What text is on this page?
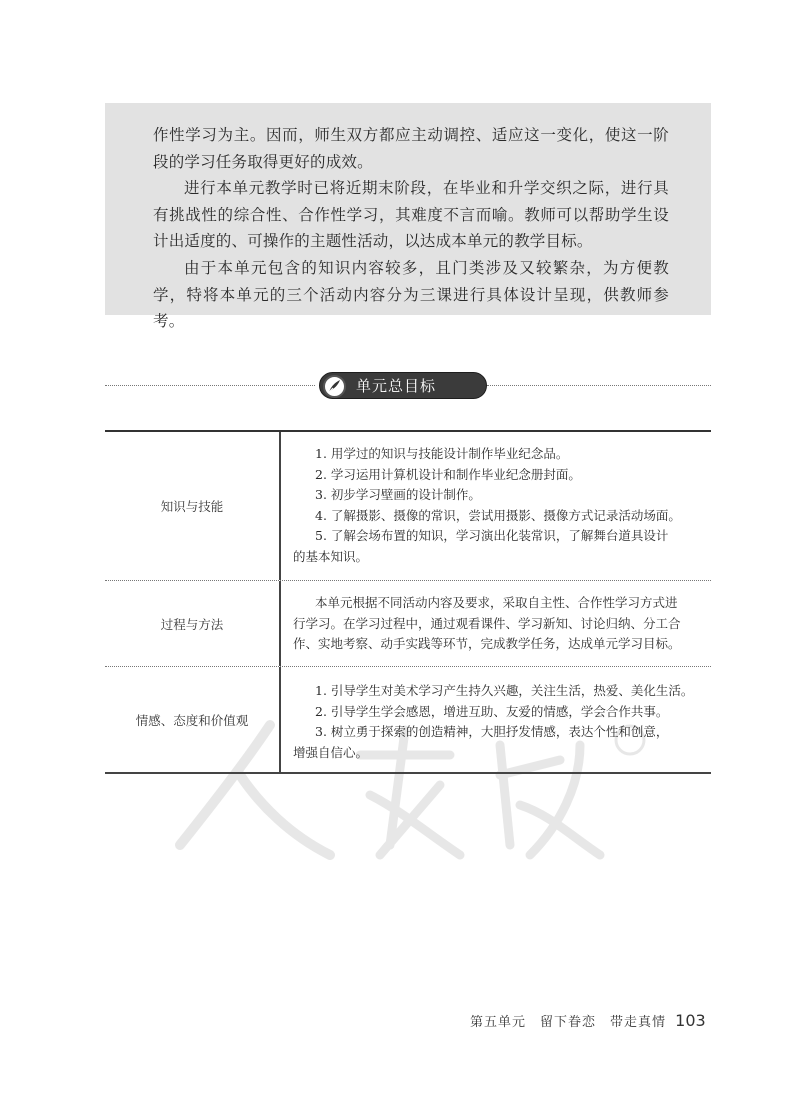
作性学习为主。因而，师生双方都应主动调控、适应这一变化，使这一阶段的学习任务取得更好的成效。

进行本单元教学时已将近期末阶段，在毕业和升学交织之际，进行具有挑战性的综合性、合作性学习，其难度不言而喻。教师可以帮助学生设计出适度的、可操作的主题性活动，以达成本单元的教学目标。

由于本单元包含的知识内容较多，且门类涉及又较繁杂，为方便教学，特将本单元的三个活动内容分为三课进行具体设计呈现，供教师参考。

单元总目标
知识与技能
1. 用学过的知识与技能设计制作毕业纪念品。
2. 学习运用计算机设计和制作毕业纪念册封面。
3. 初步学习壁画的设计制作。
4. 了解摄影、摄像的常识，尝试用摄影、摄像方式记录活动场面。
5. 了解会场布置的知识，学习演出化装常识，了解舞台道具设计
的基本知识。
过程与方法
本单元根据不同活动内容及要求，采取自主性、合作性学习方式进
行学习。在学习过程中，通过观看课件、学习新知、讨论归纳、分工合
作、实地考察、动手实践等环节，完成教学任务，达成单元学习目标。
情感、态度和价值观
1. 引导学生对美术学习产生持久兴趣，关注生活，热爱、美化生活。
2. 引导学生学会感恩，增进互助、友爱的情感，学会合作共事。
3. 树立勇于探索的创造精神，大胆抒发情感，表达个性和创意，
增强自信心。
第五单元　留下眷恋　带走真情 103
